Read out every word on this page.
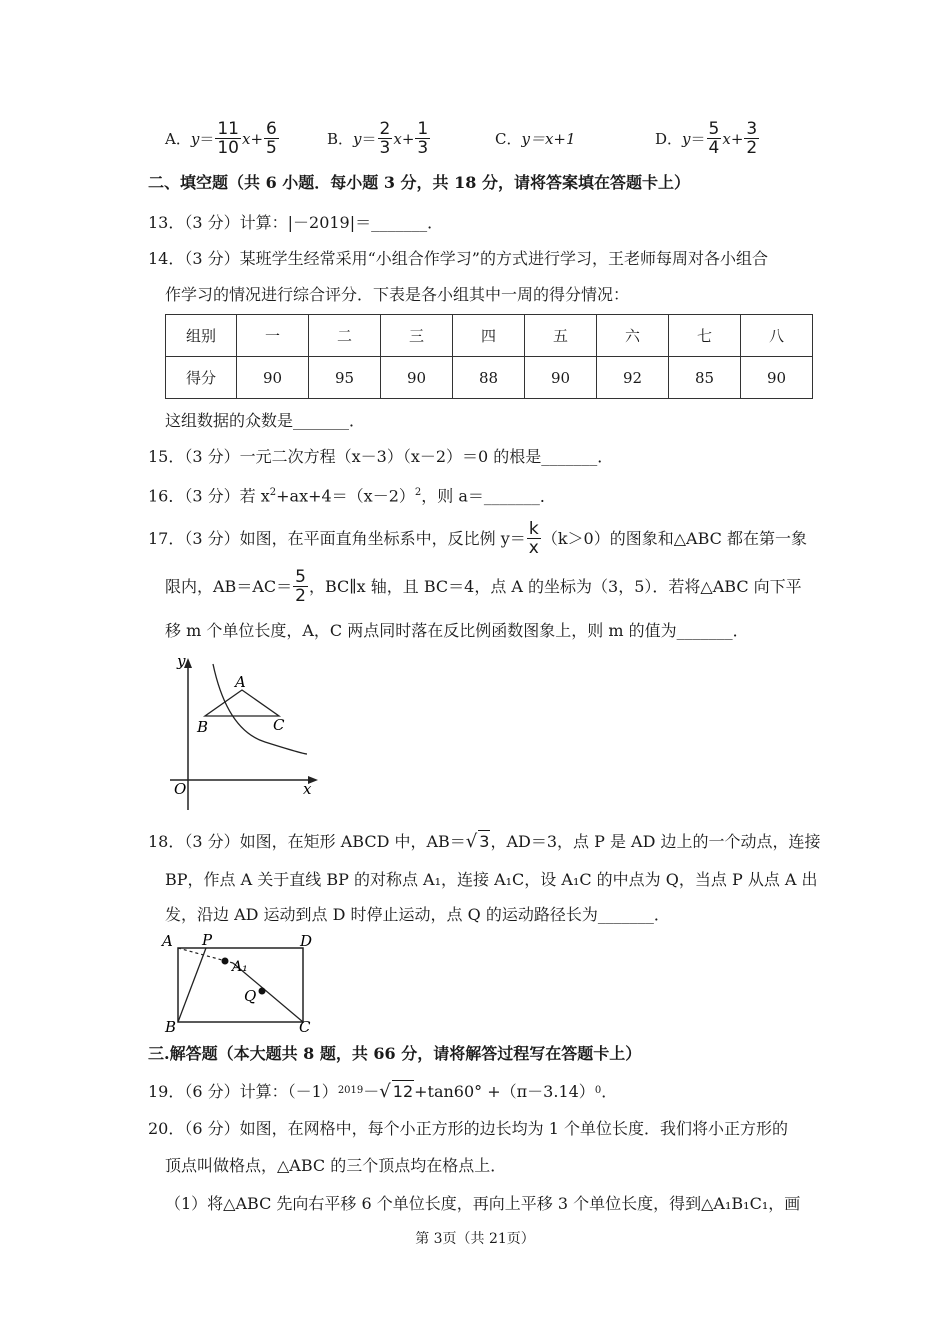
A． $y = \frac{11}{10} x+ \frac{6}{5}$	B． $y = \frac{2}{3} x+ \frac{1}{3}$	C． y＝x+1	D． $y = \frac{5}{4} x+ \frac{3}{2}$
二、填空题（共 6 小题．每小题 3 分，共 18 分，请将答案填在答题卡上）
13．（3 分）计算：|－2019|＝_______．
14．（3 分）某班学生经常采用“小组合作学习”的方式进行学习，王老师每周对各小组合
作学习的情况进行综合评分．下表是各小组其中一周的得分情况：
组别	一	二	三	四	五	六	七	八
得分	90	95	90	88	90	92	85	90
这组数据的众数是_______．
15．（3 分）一元二次方程（x－3）（x－2）＝0 的根是_______．
16．（3 分）若 $x^2+ax+4=(x-2)^2$，则 a＝_______．
17．（3 分）如图，在平面直角坐标系中，反比例 $y= \frac{k}{x} (k>0)$的图象和△ABC 都在第一象
限内，$AB=AC= \frac{5}{2}$ ，BC∥x 轴，且 BC＝4，点 A 的坐标为（3，5）．若将△ABC 向下平
移 m 个单位长度，A，C 两点同时落在反比例函数图象上，则 m 的值为_______．
y
x
O
A
B	C
18．（3 分）如图，在矩形 ABCD 中，AB＝ √ 3 ，AD＝3，点 P 是 AD 边上的一个动点，连接
BP，作点 A 关于直线 BP 的对称点 A₁，连接 A₁C，设 A₁C 的中点为 Q，当点 P 从点 A 出
发，沿边 AD 运动到点 D 时停止运动，点 Q 的运动路径长为_______．
A P	D
A₁
Q
B	C
三.解答题（本大题共 8 题，共 66 分，请将解答过程写在答题卡上）
19．（6 分）计算：（－1） 2019 － √ 12 +tan60° +（π－3.14） 0 ．
20．（6 分）如图，在网格中，每个小正方形的边长均为 1 个单位长度．我们将小正方形的
顶点叫做格点，△ABC 的三个顶点均在格点上．
（1）将△ABC 先向右平移 6 个单位长度，再向上平移 3 个单位长度，得到△A₁B₁C₁，画
第 3页（共 21页）
